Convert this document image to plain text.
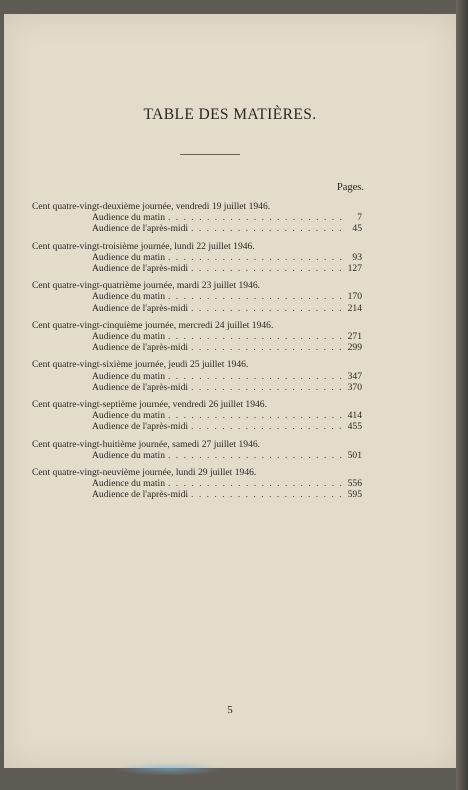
TABLE DES MATIÈRES.
Pages.
Cent quatre-vingt-deuxième journée, vendredi 19 juillet 1946.
Audience du matin . . .	7
Audience de l'après-midi . . .	45
Cent quatre-vingt-troisième journée, lundi 22 juillet 1946.
Audience du matin . . .	93
Audience de l'après-midi . . .	127
Cent quatre-vingt-quatrième journée, mardi 23 juillet 1946.
Audience du matin . . .	170
Audience de l'après-midi . . .	214
Cent quatre-vingt-cinquième journée, mercredi 24 juillet 1946.
Audience du matin . . .	271
Audience de l'après-midi . . .	299
Cent quatre-vingt-sixième journée, jeudi 25 juillet 1946.
Audience du matin . . .	347
Audience de l'après-midi . . .	370
Cent quatre-vingt-septième journée, vendredi 26 juillet 1946.
Audience du matin . . .	414
Audience de l'après-midi . . .	455
Cent quatre-vingt-huitième journée, samedi 27 juillet 1946.
Audience du matin . . .	501
Cent quatre-vingt-neuvième journée, lundi 29 juillet 1946.
Audience du matin . . .	556
Audience de l'après-midi . . .	595
5
